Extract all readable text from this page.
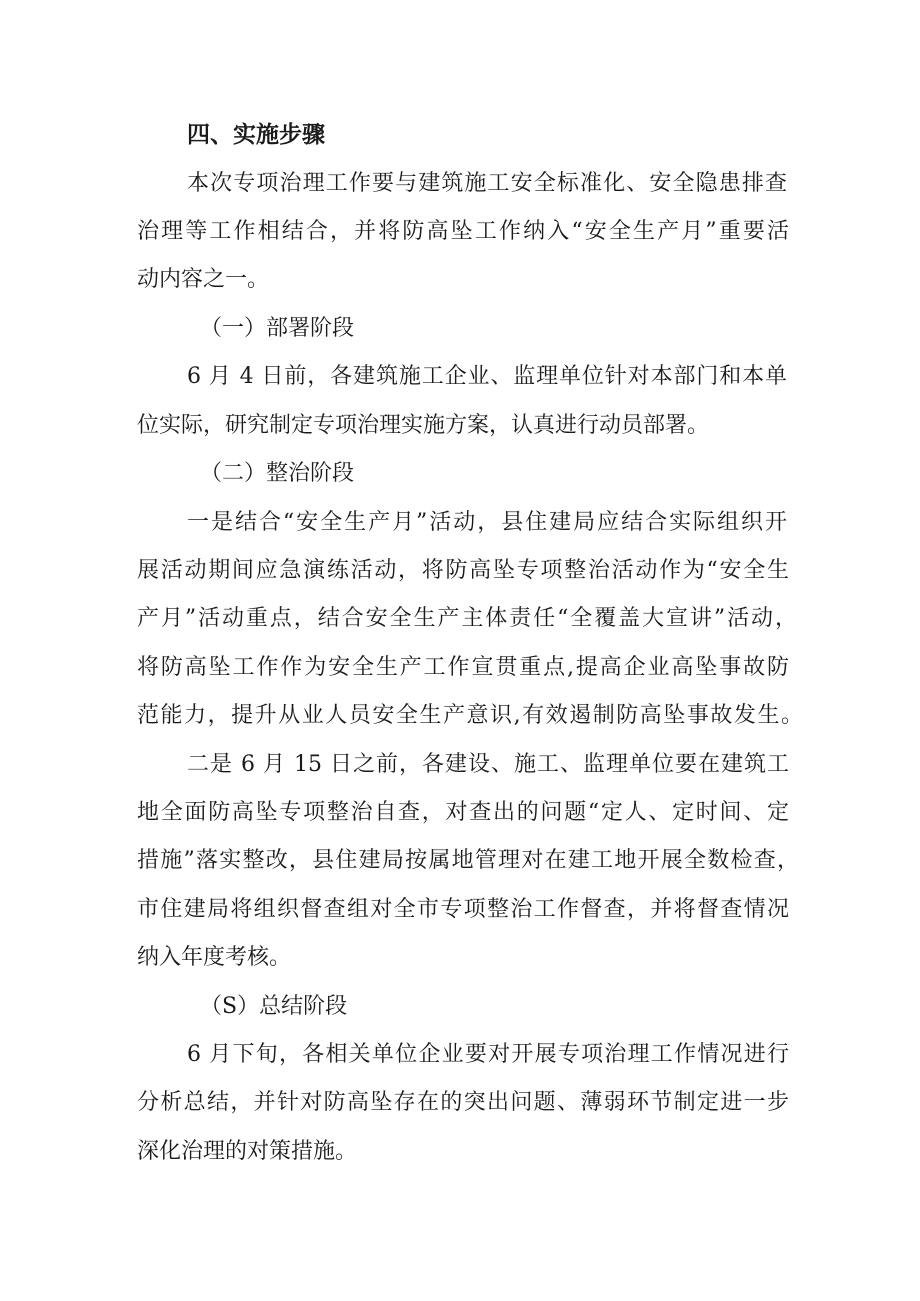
四、实施步骤

本次专项治理工作要与建筑施工安全标准化、安全隐患排查

治理等工作相结合，并将防高坠工作纳入“安全生产月”重要活

动内容之一。

（一）部署阶段

6 月 4 日前，各建筑施工企业、监理单位针对本部门和本单

位实际，研究制定专项治理实施方案，认真进行动员部署。

（二）整治阶段

一是结合“安全生产月”活动，县住建局应结合实际组织开

展活动期间应急演练活动，将防高坠专项整治活动作为“安全生

产月”活动重点，结合安全生产主体责任“全覆盖大宣讲”活动，

将防高坠工作作为安全生产工作宣贯重点,提高企业高坠事故防

范能力，提升从业人员安全生产意识,有效遏制防高坠事故发生。

二是 6 月 15 日之前，各建设、施工、监理单位要在建筑工

地全面防高坠专项整治自查，对查出的问题“定人、定时间、定

措施”落实整改，县住建局按属地管理对在建工地开展全数检查，

市住建局将组织督查组对全市专项整治工作督查，并将督查情况

纳入年度考核。

（S）总结阶段

6 月下旬，各相关单位企业要对开展专项治理工作情况进行

分析总结，并针对防高坠存在的突出问题、薄弱环节制定进一步

深化治理的对策措施。
